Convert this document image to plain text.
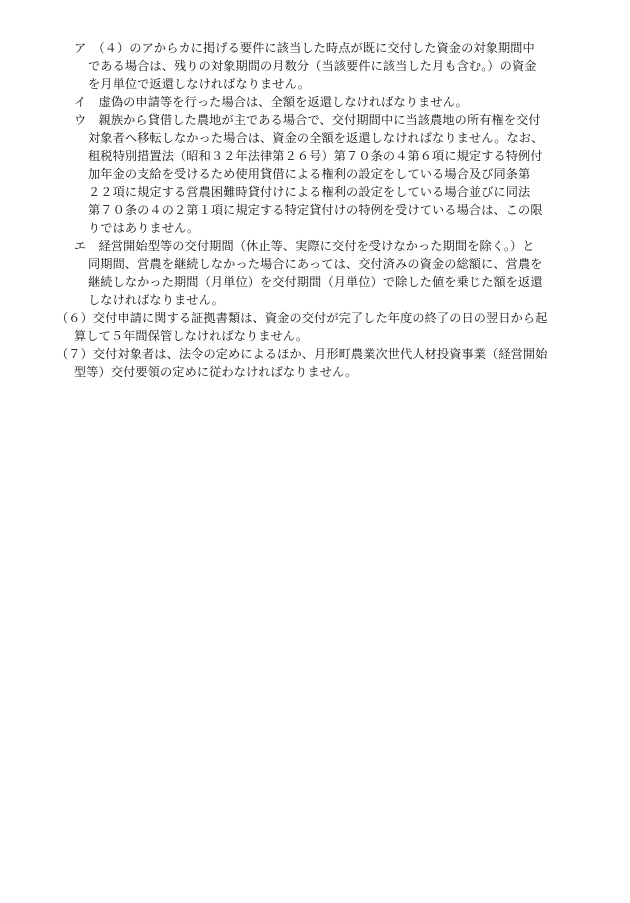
ア　（４）のアからカに掲げる要件に該当した時点が既に交付した資金の対象期間中
である場合は、残りの対象期間の月数分（当該要件に該当した月も含む。）の資金
を月単位で返還しなければなりません。
イ　虚偽の申請等を行った場合は、全額を返還しなければなりません。
ウ　親族から貸借した農地が主である場合で、交付期間中に当該農地の所有権を交付
対象者へ移転しなかった場合は、資金の全額を返還しなければなりません。なお、
租税特別措置法（昭和３２年法律第２６号）第７０条の４第６項に規定する特例付
加年金の支給を受けるため使用貸借による権利の設定をしている場合及び同条第
２２項に規定する営農困難時貸付けによる権利の設定をしている場合並びに同法
第７０条の４の２第１項に規定する特定貸付けの特例を受けている場合は、この限
りではありません。
エ　経営開始型等の交付期間（休止等、実際に交付を受けなかった期間を除く。）と
同期間、営農を継続しなかった場合にあっては、交付済みの資金の総額に、営農を
継続しなかった期間（月単位）を交付期間（月単位）で除した値を乗じた額を返還
しなければなりません。
（６）交付申請に関する証拠書類は、資金の交付が完了した年度の終了の日の翌日から起
算して５年間保管しなければなりません。
（７）交付対象者は、法令の定めによるほか、月形町農業次世代人材投資事業（経営開始
型等）交付要領の定めに従わなければなりません。
